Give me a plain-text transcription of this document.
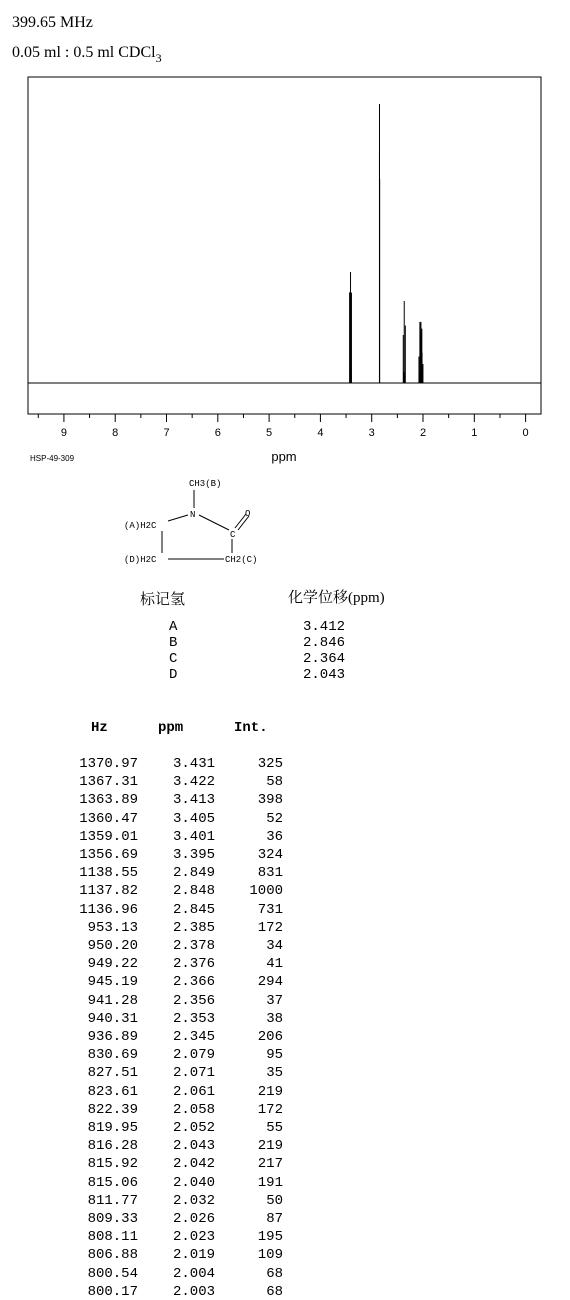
399.65 MHz
0.05 ml : 0.5 ml CDCl$_3$
9	8	7	6	5	4	3	2	1	0
ppm
HSP-49-309
CH3(B)
(A)H2C
N
C
O
(D)H2C	CH2(C)
标记氢	化学位移(ppm)
A	3.412
B	2.846
C	2.364
D	2.043
Hz	ppm	Int.
1370.97 3.431	325
1367.31 3.422	58
1363.89 3.413	398
1360.47 3.405	52
1359.01 3.401	36
1356.69 3.395	324
1138.55 2.849	831
1137.82 2.848 1000
1136.96 2.845	731
953.13 2.385	172
950.20 2.378	34
949.22 2.376	41
945.19 2.366	294
941.28 2.356	37
940.31 2.353	38
936.89 2.345	206
830.69 2.079	95
827.51 2.071	35
823.61 2.061	219
822.39 2.058	172
819.95 2.052	55
816.28 2.043	219
815.92 2.042	217
815.06 2.040	191
811.77 2.032	50
809.33 2.026	87
808.11 2.023	195
806.88 2.019	109
800.54 2.004	68
800.17 2.003	68
